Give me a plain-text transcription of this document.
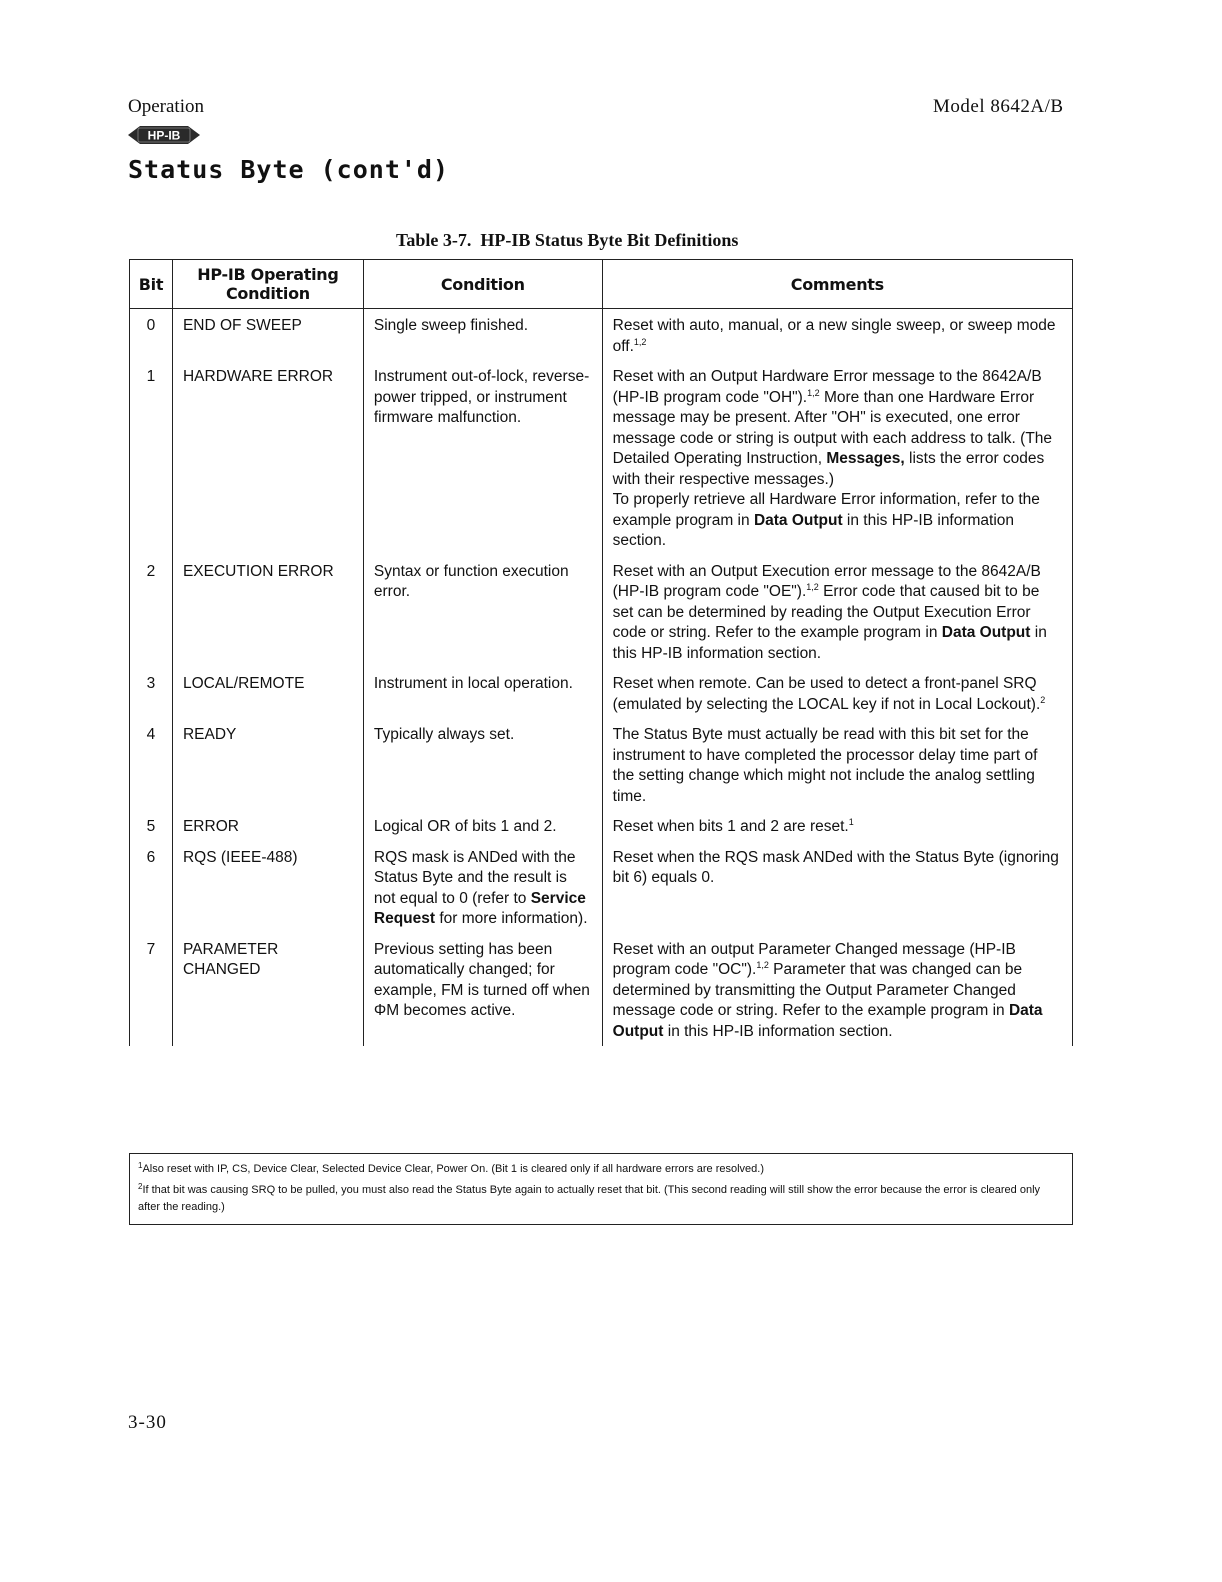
Operation	Model 8642A/B
HP-IB
Status Byte (cont'd)
Table 3-7. HP-IB Status Byte Bit Definitions
Bit	HP-IB Operating Condition	Condition	Comments
0	END OF SWEEP	Single sweep finished.	Reset with auto, manual, or a new single sweep, or sweep mode off.$^{1,2}$
1	HARDWARE ERROR	Instrument out-of-lock, reverse-power tripped, or instrument firmware malfunction.	Reset with an Output Hardware Error message to the 8642A/B (HP-IB program code "OH").$^{1,2}$ More than one Hardware Error message may be present. After "OH" is executed, one error message code or string is output with each address to talk. (The Detailed Operating Instruction, Messages, lists the error codes with their respective messages.)
To properly retrieve all Hardware Error information, refer to the example program in Data Output in this HP-IB information section.
2	EXECUTION ERROR	Syntax or function execution error.	Reset with an Output Execution error message to the 8642A/B (HP-IB program code "OE").$^{1,2}$ Error code that caused bit to be set can be determined by reading the Output Execution Error code or string. Refer to the example program in Data Output in this HP-IB information section.
3	LOCAL/REMOTE	Instrument in local operation.	Reset when remote. Can be used to detect a front-panel SRQ (emulated by selecting the LOCAL key if not in Local Lockout).$^2$
4	READY	Typically always set.	The Status Byte must actually be read with this bit set for the instrument to have completed the processor delay time part of the setting change which might not include the analog settling time.
5	ERROR	Logical OR of bits 1 and 2.	Reset when bits 1 and 2 are reset.$^1$
6	RQS (IEEE-488)	RQS mask is ANDed with the Status Byte and the result is not equal to 0 (refer to Service Request for more information).	Reset when the RQS mask ANDed with the Status Byte (ignoring bit 6) equals 0.
7	PARAMETER CHANGED	Previous setting has been automatically changed; for example, FM is turned off when ΦM becomes active.	Reset with an output Parameter Changed message (HP-IB program code "OC").$^{1,2}$ Parameter that was changed can be determined by transmitting the Output Parameter Changed message code or string. Refer to the example program in Data Output in this HP-IB information section.

$^1$Also reset with IP, CS, Device Clear, Selected Device Clear, Power On. (Bit 1 is cleared only if all hardware errors are resolved.)

$^2$If that bit was causing SRQ to be pulled, you must also read the Status Byte again to actually reset that bit. (This second reading will still show the error because the error is cleared only after the reading.)

3-30
